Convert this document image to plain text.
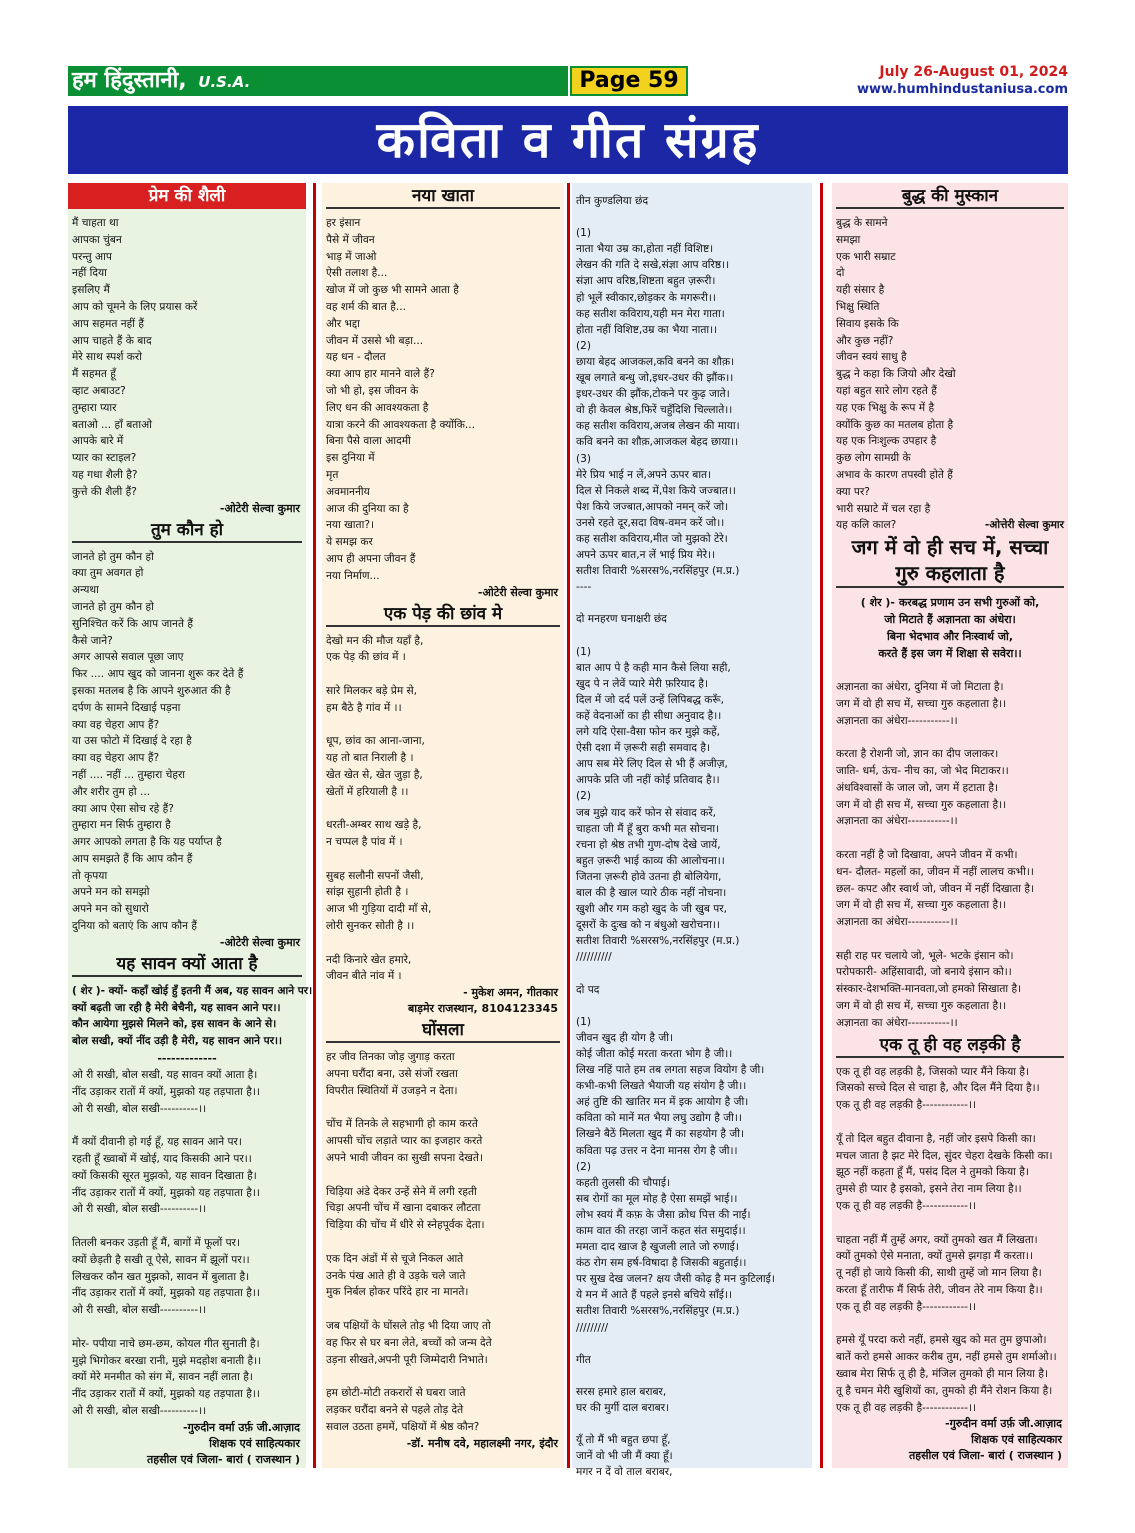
हम हिंदुस्तानी, U.S.A.	Page 59	July 26-August 01, 2024
www.humhindustaniusa.com
कविता व गीत संग्रह
प्रेम की शैली
मैं चाहता था
आपका चुंबन
परन्तु आप
नहीं दिया
इसलिए मैं
आप को चूमने के लिए प्रयास करें
आप सहमत नहीं हैं
आप चाहते हैं के बाद
मेरे साथ स्पर्श करो
मैं सहमत हूँ
व्हाट अबाउट?
तुम्हारा प्यार
बताओ ... हाँ बताओ
आपके बारे में
प्यार का स्टाइल?
यह गधा शैली है?
कुत्ते की शैली हैं?
-ओटेरी सेल्वा कुमार
तुम कौन हो
जानते हो तुम कौन हो
क्या तुम अवगत हो
अन्यथा
जानते हो तुम कौन हो
सुनिश्चित करें कि आप जानते हैं
कैसे जाने?
अगर आपसे सवाल पूछा जाए
फिर .... आप खुद को जानना शुरू कर देते हैं
इसका मतलब है कि आपने शुरुआत की है
दर्पण के सामने दिखाई पड़ना
क्या वह चेहरा आप हैं?
या उस फोटो में दिखाई दे रहा है
क्या वह चेहरा आप हैं?
नहीं .... नहीं ... तुम्हारा चेहरा
और शरीर तुम हो ...
क्या आप ऐसा सोच रहे हैं?
तुम्हारा मन सिर्फ तुम्हारा है
अगर आपको लगता है कि यह पर्याप्त है
आप समझते हैं कि आप कौन हैं
तो कृपया
अपने मन को समझो
अपने मन को सुधारो
दुनिया को बताएं कि आप कौन हैं
-ओटेरी सेल्वा कुमार
यह सावन क्यों आता है
( शेर )- क्यों- कहाँ खोई हुँ इतनी मैं अब, यह सावन आने पर।
क्यों बढ़ती जा रही है मेरी बेचैनी, यह सावन आने पर।।
कौन आयेगा मुझसे मिलने को, इस सावन के आने से।
बोल सखी, क्यों नींद उड़ी है मेरी, यह सावन आने पर।।
-------------
ओ री सखी, बोल सखी, यह सावन क्यों आता है।
नींद उड़ाकर रातों में क्यों, मुझको यह तड़पाता है।।
ओ री सखी, बोल सखी----------।।
मैं क्यों दीवानी हो गई हूँ, यह सावन आने पर।
रहती हूँ ख्वाबों में खोई, याद किसकी आने पर।।
क्यों किसकी सूरत मुझको, यह सावन दिखाता है।
नींद उड़ाकर रातों में क्यों, मुझको यह तड़पाता है।।
ओ री सखी, बोल सखी----------।।
तितली बनकर उड़ती हूँ मैं, बागों में फूलों पर।
क्यों छेड़ती है सखी तू ऐसे, सावन में झूलों पर।।
लिखकर कौन खत मुझको, सावन में बुलाता है।
नींद उड़ाकर रातों में क्यों, मुझको यह तड़पाता है।।
ओ री सखी, बोल सखी----------।।
मोर- पपीया नाचे छम-छम, कोयल गीत सुनाती है।
मुझे भिगोकर बरखा रानी, मुझे मदहोश बनाती है।।
क्यों मेरे मनमीत को संग में, सावन नहीं लाता है।
नींद उड़ाकर रातों में क्यों, मुझको यह तड़पाता है।।
ओ री सखी, बोल सखी----------।।
-गुरुदीन वर्मा उर्फ़ जी.आज़ाद
शिक्षक एवं साहित्यकार
तहसील एवं जिला- बारां ( राजस्थान )
नया खाता
हर इंसान
पैसे में जीवन
भाड़ में जाओ
ऐसी तलाश है...
खोज में जो कुछ भी सामने आता है
वह शर्म की बात है...
और भद्दा
जीवन में उससे भी बड़ा...
यह धन - दौलत
क्या आप हार मानने वाले हैं?
जो भी हो, इस जीवन के
लिए धन की आवश्यकता है
यात्रा करने की आवश्यकता है क्योंकि...
बिना पैसे वाला आदमी
इस दुनिया में
मृत
अवमाननीय
आज की दुनिया का है
नया खाता?।
ये समझ कर
आप ही अपना जीवन हैं
नया निर्माण...
-ओटेरी सेल्वा कुमार
एक पेड़ की छांव मे
देखो मन की मौज यहाँ है,
एक पेड़ की छांव में ।
सारे मिलकर बड़े प्रेम से,
हम बैठे है गांव में ।।
धूप, छांव का आना-जाना,
यह तो बात निराली है ।
खेत खेत से, खेत जुड़ा है,
खेतों में हरियाली है ।।
धरती-अम्बर साथ खड़े है,
न चप्पल है पांव में ।
सुबह सलौनी सपनों जैसी,
सांझ सुहानी होती है ।
आज भी गुड़िया दादी माँ से,
लोरी सुनकर सोती है ।।
नदी किनारे खेत हमारे,
जीवन बीते नांव में ।
- मुकेश अमन, गीतकार
बाड़मेर राजस्थान, 8104123345
घोंसला
हर जीव तिनका जोड़ जुगाड़ करता
अपना घरौंदा बना, उसे संजों रखता
विपरीत स्थितियों में उजड़ने न देता।
चोंच में तिनके ले सहभागी हो काम करते
आपसी चोंच लड़ाते प्यार का इजहार करते
अपने भावी जीवन का सुखी सपना देखते।
चिड़िया अंडे देकर उन्हें सेने में लगी रहती
चिड़ा अपनी चोंच में खाना दबाकर लौटता
चिड़िया की चोंच में धीरे से स्नेहपूर्वक देता।
एक दिन अंडों में से चूजे निकल आते
उनके पंख आते ही वे उड़के चले जाते
मुक निर्बल होकर परिंदे हार ना मानते।
जब पक्षियों के घोंसले तोड़ भी दिया जाए तो
वह फिर से घर बना लेते, बच्चों को जन्म देते
उड़ना सीखते,अपनी पूरी जिम्मेदारी निभाते।
हम छोटी-मोटी तकरारों से घबरा जाते
लड़कर घरौंदा बनने से पहले तोड़ देते
सवाल उठता हममें, पक्षियों में श्रेष्ठ कौन?
-डॉ. मनीष दवे, महालक्ष्मी नगर, इंदौर
तीन कुण्डलिया छंद
(1)
नाता भैया उम्र का,होता नहीं विशिष्ट।
लेखन की गति दे सखे,संज्ञा आप वरिष्ठ।।
संज्ञा आप वरिष्ठ,शिष्टता बहुत ज़रूरी।
हो भूलें स्वीकार,छोड़कर के मगरूरी।।
कह सतीश कविराय,यही मन मेरा गाता।
होता नहीं विशिष्ट,उम्र का भैया नाता।।
(2)
छाया बेहद आजकल,कवि बनने का शौक़।
खूब लगाते बन्धु जो,इधर-उधर की झौंक।।
इधर-उधर की झौंक,टोकने पर कुढ़ जाते।
वो ही केवल श्रेष्ठ,फिरें चहुँदिशि चिल्लाते।।
कह सतीश कविराय,अजब लेखन की माया।
कवि बनने का शौक़,आजकल बेहद छाया।।
(3)
मेरे प्रिय भाई न लें,अपने ऊपर बात।
दिल से निकले शब्द में,पेश किये जज्बात।।
पेश किये जज्बात,आपको नमन् करें जो।
उनसे रहते दूर,सदा विष-वमन करें जो।।
कह सतीश कविराय,मीत जो मुझको टेरे।
अपने ऊपर बात,न लें भाई प्रिय मेरे।।
सतीश तिवारी %सरस%,नरसिंहपुर (म.प्र.)
----
दो मनहरण घनाक्षरी छंद
(1)
बात आप पे है कही मान कैसे लिया सही,
खुद पे न लेवें प्यारे मेरी फ़रियाद है।
दिल में जो दर्द पलें उन्हें लिपिबद्ध करूँ,
कहें वेदनाओं का ही सीधा अनुवाद है।।
लगे यदि ऐसा-वैसा फोन कर मुझे कहें,
ऐसी दशा में ज़रूरी सही समवाद है।
आप सब मेरे लिए दिल से भी हैं अजीज़,
आपके प्रति जी नहीं कोई प्रतिवाद है।।
(2)
जब मुझे याद करें फोन से संवाद करें,
चाहता जी मैं हूँ बुरा कभी मत सोचना।
रचना हो श्रेष्ठ तभी गुण-दोष देखे जायें,
बहुत ज़रूरी भाई काव्य की आलोचना।।
जितना ज़रूरी होवे उतना ही बोलियेगा,
बाल की है खाल प्यारे ठीक नहीं नोचना।
खुशी और गम कहो खुद के जी खुब पर,
दूसरों के दुःख को न बंधुओ खरोचना।।
सतीश तिवारी %सरस%,नरसिंहपुर (म.प्र.)
//////////
दो पद
(1)
जीवन खुद ही योग है जी।
कोई जीता कोई मरता करता भोग है जी।।
लिख नहिं पाते हम तब लगता सहज वियोग है जी।
कभी-कभी लिखते भैयाजी यह संयोग है जी।।
अहं तुष्टि की खातिर मन में इक आयोग है जी।
कविता को मानें मत भैया लघु उद्योग है जी।।
लिखने बैठें मिलता खुद मैं का सहयोग है जी।
कविता पढ़ उत्तर न देना मानस रोग है जी।।
(2)
कहती तुलसी की चौपाई।
सब रोगों का मूल मोह है ऐसा समझें भाई।।
लोभ स्वयं मैं कफ़ के जैसा क्रोध पित्त की नाईं।
काम वात की तरहा जानें कहत संत समुदाई।।
ममता दाद खाज है खुजली लाते जो रुणाई।
कंठ रोग सम हर्ष-विषादा है जिसकी बहुताई।।
पर सुख देख जलन? क्षय जैसी कोढ़ है मन कुटिलाई।
ये मन में आते हैं पहले इनसे बचिये साँई।।
सतीश तिवारी %सरस%,नरसिंहपुर (म.प्र.)
/////////
गीत
सरस हमारे हाल बराबर,
घर की मुर्गी दाल बराबर।
यूँ तो मैं भी बहुत छपा हूँ,
जानें वो भी जी मैं क्या हूँ।
मगर न दें वो ताल बराबर,
बुद्ध की मुस्कान
बुद्ध के सामने
समझा
एक भारी सम्राट
दो
यही संसार है
भिक्षु स्थिति
सिवाय इसके कि
और कुछ नहीं?
जीवन स्वयं साधु है
बुद्ध ने कहा कि जियो और देखो
यहां बहुत सारे लोग रहते हैं
यह एक भिक्षु के रूप में है
क्योंकि कुछ का मतलब होता है
यह एक निःशुल्क उपहार है
कुछ लोग सामग्री के
अभाव के कारण तपस्वी होते हैं
क्या पर?
भारी सम्राटे में चल रहा है
यह कलि काल?	-ओत्तेरी सेल्वा कुमार
जग में वो ही सच में, सच्चा
गुरु कहलाता है
( शेर )- करबद्ध प्रणाम उन सभी गुरुओं को,
जो मिटाते हैं अज्ञानता का अंधेरा।
बिना भेदभाव और निःस्वार्थ जो,
करते हैं इस जग में शिक्षा से सवेरा।।
अज्ञानता का अंधेरा, दुनिया में जो मिटाता है।
जग में वो ही सच में, सच्चा गुरु कहलाता है।।
अज्ञानता का अंधेरा-----------।।
करता है रोशनी जो, ज्ञान का दीप जलाकर।
जाति- धर्म, ऊंच- नीच का, जो भेद मिटाकर।।
अंधविश्वासों के जाल जो, जग में हटाता है।
जग में वो ही सच में, सच्चा गुरु कहलाता है।।
अज्ञानता का अंधेरा-----------।।
करता नहीं है जो दिखावा, अपने जीवन में कभी।
धन- दौलत- महलों का, जीवन में नहीं लालच कभी।।
छल- कपट और स्वार्थ जो, जीवन में नहीं दिखाता है।
जग में वो ही सच में, सच्चा गुरु कहलाता है।।
अज्ञानता का अंधेरा-----------।।
सही राह पर चलाये जो, भूले- भटके इंसान को।
परोपकारी- अहिंसावादी, जो बनाये इंसान को।।
संस्कार-देशभक्ति-मानवता,जो हमको सिखाता है।
जग में वो ही सच में, सच्चा गुरु कहलाता है।।
अज्ञानता का अंधेरा-----------।।
एक तू ही वह लड़की है
एक तू ही वह लड़की है, जिसको प्यार मैंने किया है।
जिसको सच्चे दिल से चाहा है, और दिल मैंने दिया है।।
एक तू ही वह लड़की है------------।।
यूँ तो दिल बहुत दीवाना है, नहीं जोर इसपे किसी का।
मचल जाता है झट मेरे दिल, सुंदर चेहरा देखके किसी का।
झूठ नहीं कहता हूँ मैं, पसंद दिल ने तुमको किया है।
तुमसे ही प्यार है इसको, इसने तेरा नाम लिया है।।
एक तू ही वह लड़की है------------।।
चाहता नहीं मैं तुम्हें अगर, क्यों तुमको खत मैं लिखता।
क्यों तुमको ऐसे मनाता, क्यों तुमसे झगड़ा मैं करता।।
तू नहीं हो जाये किसी की, साथी तुम्हें जो मान लिया है।
करता हूँ तारीफ मैं सिर्फ तेरी, जीवन तेरे नाम किया है।।
एक तू ही वह लड़की है------------।।
हमसे यूँ परदा करो नहीं, हमसे खुद को मत तुम छुपाओ।
बातें करो हमसे आकर करीब तुम, नहीं हमसे तुम शर्माओ।।
ख्वाब मेरा सिर्फ तू ही है, मंजिल तुमको ही मान लिया है।
तू है चमन मेरी खुशियों का, तुमको ही मैंने रोशन किया है।
एक तू ही वह लड़की है------------।।
-गुरुदीन वर्मा उर्फ़ जी.आज़ाद
शिक्षक एवं साहित्यकार
तहसील एवं जिला- बारां ( राजस्थान )
